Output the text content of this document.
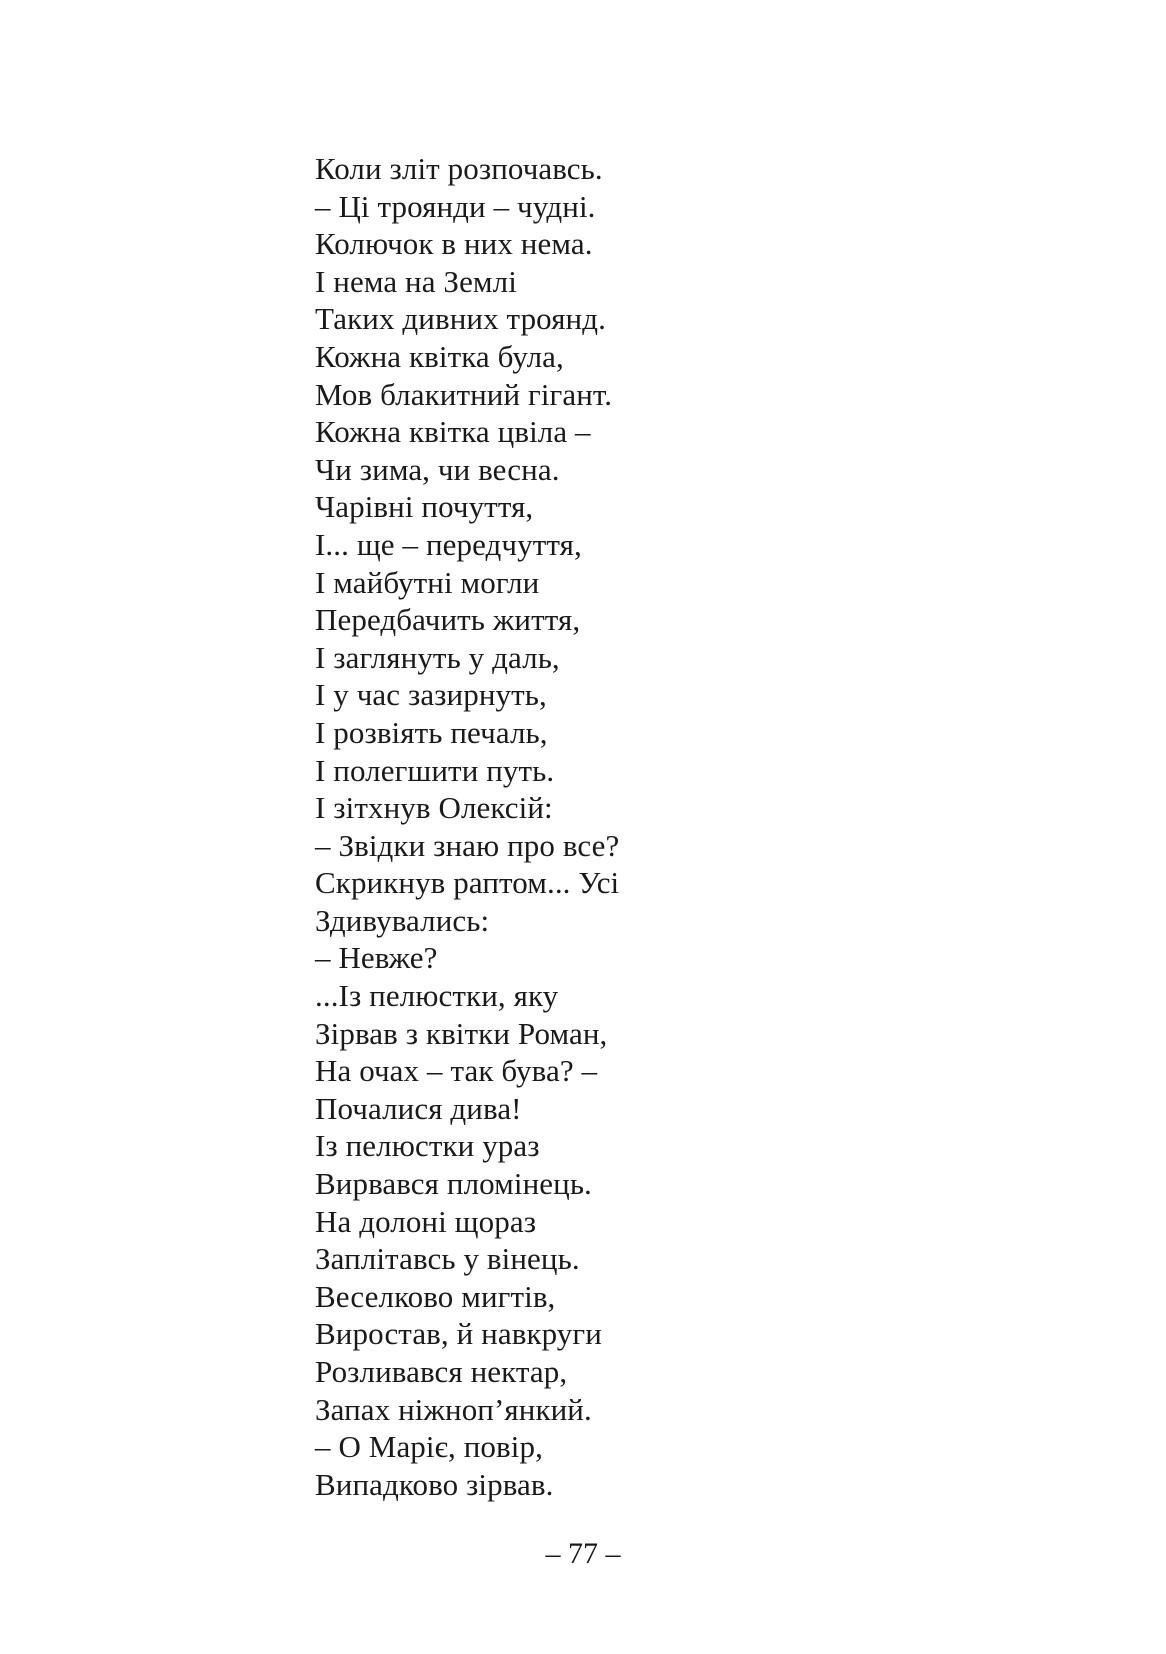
Коли зліт розпочавсь.
– Ці троянди – чудні.
Колючок в них нема.
І нема на Землі
Таких дивних троянд.
Кожна квітка була,
Мов блакитний гігант.
Кожна квітка цвіла –
Чи зима, чи весна.
Чарівні почуття,
І... ще – передчуття,
І майбутні могли
Передбачить життя,
І заглянуть у даль,
І у час зазирнуть,
І розвіять печаль,
І полегшити путь.
І зітхнув Олексій:
– Звідки знаю про все?
Скрикнув раптом... Усі
Здивувались:
– Невже?
...Із пелюстки, яку
Зірвав з квітки Роман,
На очах – так бува? –
Почалися дива!
Із пелюстки ураз
Вирвався пломінець.
На долоні щораз
Заплітавсь у вінець.
Веселково мигтів,
Виростав, й навкруги
Розливався нектар,
Запах ніжноп’янкий.
– О Маріє, повір,
Випадково зірвав.
– 77 –
